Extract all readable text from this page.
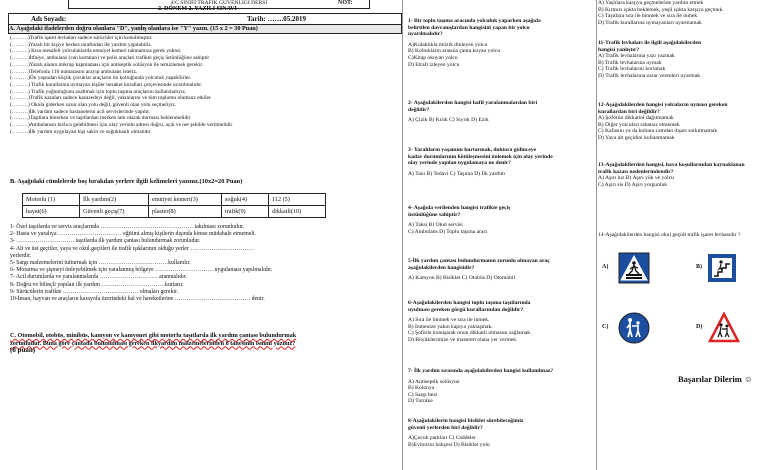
4/C SINIFI TRAFİK GÜVENLİĞİ DERSİ
2. DÖNEM 2. YAZILI SINAVI
NOT:
Adı Soyadı:	Tarih: …….05.2019
A. Aşağıdaki ifadelerden doğru olanlara "D", yanlış olanlara ise "Y" yazın. (15 x 2 = 30 Puan)
(………)Trafik işaret levhaları sadece sürücüler için konulmuştur.
(………)Yaralı bir kişiye herkes tarafından ilk yardım yapılabiliz.
(………) Kısa mesafeli yolculuklarda emniyet kemeri takmamıza gerek yoktur.
(………)İtfaiye, ambulans (can kurtaran) ve polis araçları trafikte geçiş üstünlüğüne sahiptir
(………)Yaralı alanın mikrop kapmaması için antiseptik solüsyon ile temizlemek gerekir.
(………)Telefonla 110 numarasını arayıp ambulans isteriz.
(………)Ön yaşından küçük çocuklar araçların ön koltuğunda yolculuk yapabilirler.
(………) Trafik kurallarına uymayan kişiler nezaket kuralları çerçevesinde uyarılmalıdır.
(………) Trafik yoğunluğunu azaltmak için toplu taşıma araçlarını kullanmalıyız.
(………)Trafik kazaları sadece kazazedeyi değil, yakınlarını ve tüm toplumu olumsuz etkiler.
(………) Okula giderken uzun olan yolu değil, güvenli olan yolu seçmeliyiz.
(………)İlk yardım sadece hastanelerin acil servislerinde yapılır.
(………)Taşıtlara binerken ve taşıtlardan inerken tam olarak durması beklenmelidir
(………)Ambulansın hızlıca gelebilmesi için olay yerinin adresi doğru, açık ve net şekilde verilmelidir
(………)İlk yardım uygulayan kişi sakin ve soğukkanlı olmalıdır
B. Aşağıdaki cümlelerde boş bırakılan yerlere ilgili kelimeleri yazınız.(10x2=20 Puan)
Motorlu (1)	İlk yardım(2)	emniyet kemeri(3)	soğuk(4)	112 (5)
hayat(6)	Güvenli geçiş(7)	plaster(8)	trafik(9)	dikkatli(10)
1- Özel taşıtlarda ve servis araçlarında ………………………………………… takılması zorunludur.
2- Hasta ve yaralıya …………………………… eğitimi almış kişilerin dışında kimse müdahale etmemeli.
3- ………………………… taşıtlarda ilk yardım çantası bulundurmak zorunludur.
4- Alt ve üst geçitler, yaya ve okul geçitleri ile trafik ışıklarının olduğu yerler ……………………………
yerlerdir.
5- Sargı malzemelerini tutturmak için ………………………………kullanılır.
6- Morarma ve şişmeyi önleyebilmek için yaralanmış bölgeye ………………………… uygulaması yapılmalıdır.
7- Acil durumlarda ve yaralanmalarda ………………………… aranmalıdır.
8- Doğru ve bilinçli yapılan ilk yardım ……………………………kurtarır.
9- Sürücülerin trafikte ………………………………… olmaları gerekir.
10-İnsan, hayvan ve araçların karayolu üzerindeki hal ve hareketlerine ………………………………… denir.
C. Otomobil, otobüs, minibüs, kamyon ve kamyonet gibi motorlu taşıtlarda ilk yardım çantası bulundurmak
zorunludur. Buna göre çantada bulunulması gereken ilkyardım malzemelerinden 8 tanesinin ismini yazınız?
(8 puan)
1- Bir toplu taşıma aracında yolculuk yaparken aşağıda
belirtilen davranışlardan hangisini yapan bir yolcu
uyarılmalıdır?
A)Kulaklıkla müzik dinleyen yolcu
B) Koltukların arasına çanta koyan yolcu
C)Kitap okuyan yolcu
D) Etrafı izleyen yolcu
2- Aşağıdakilerden hangisi hafif yaralanmalardan biri
değildir?
A) Çizik B) Kırık C) Sıyrık D) Ezik
3- Yaralıların yaşamını kurtarmak, doktora gidinceye
kadar durumlarının kötüleşmesini önlemek için olay yerinde
olay yerinde yapılan uygulamaya ne denir?
A) Tanı B) Tedavi C) Taşıma D) İlk yardım
4- Aşağıda verilenden hangisi trafikte geçiş
üstünlüğüne sahiptir?
A) Taksi B) Okul servisi
C) Ambulans D) Toplu taşıma aracı
5-İlk yardım çantası bulundurmanın zorunlu olmayan araç
aşağıdakilerden hangisidir?
A) Kamyon B) Bisiklet C) Otobüs D) Otomobil
6-Aşağıdakilerden hangisi toplu taşıma taşıtlarında
uyulması gereken görgü kurallarından değildir?
A) Sıra ile binmek ve sıra ile inmek.
B) İnmenize yakın kapıya yaklaşmak.
C) Şoförle konuşarak onun dikkatli olmasını sağlamak.
D) Büyüklerimize ve mazereti olana yer vermek.
7- İlk yardım sırasında aşağıdakilerden hangisi kullanılmaz?
A) Antiseptik solüsyon
B) Kolonya
C) Sargı bezi
D) Turnike
8-Aşağıdakilerin hangisi bisiklet sürebileceğimiz
güvenli yerlerden biri değildir?
A)Çocuk parkları C) Caddeler
B)Evimizin bahçesi D) Bisiklet yolu
A)	B)
C)	D)
Başarılar Dilerim ☺
A) Yaşlılara karşıya geçmelerine yardım etmek
B) Kırmızı ışıkta beklemek, yeşil ışıkta karşıya geçmek.
C) Taşıtlara sıra ile binmek ve sıra ile inmek
D) Trafik kurallarına uymayanları uyarmamak
11-Trafik levhaları ile ilgili aşağıdakilerden
hangisi yanlıştır?
A) Trafik levhalarına yazı yazmak
B) Trafik levhalarına uymak
C) Trafik levhalarını korumak
D) Trafik levhalarına zarar verenleri uyarmak
12-Aşağıdakilerden hangisi yolcuların uyması gereken
kurallardan biri değildir?
A) Şoförün dikkatini dağıtmamak
B) Diğer yolcuları rahatsız etmemek
C) Kafasını ya da kolunu camdan dışarı sarkıtmamak
D) Yaya alt geçidini kullanmamak
13-Aşağıdakilerden hangisi, hava koşullarından kaynaklanan
trafik kazası nedenlerindendir?
A) Aşırı hız B) Aşırı yük ve yolcu
C) Aşırı sis D) Aşırı yorgunluk
14-Aşağıdakilerden hangisi okul geçidi trafik işaret levhasıdır ?
